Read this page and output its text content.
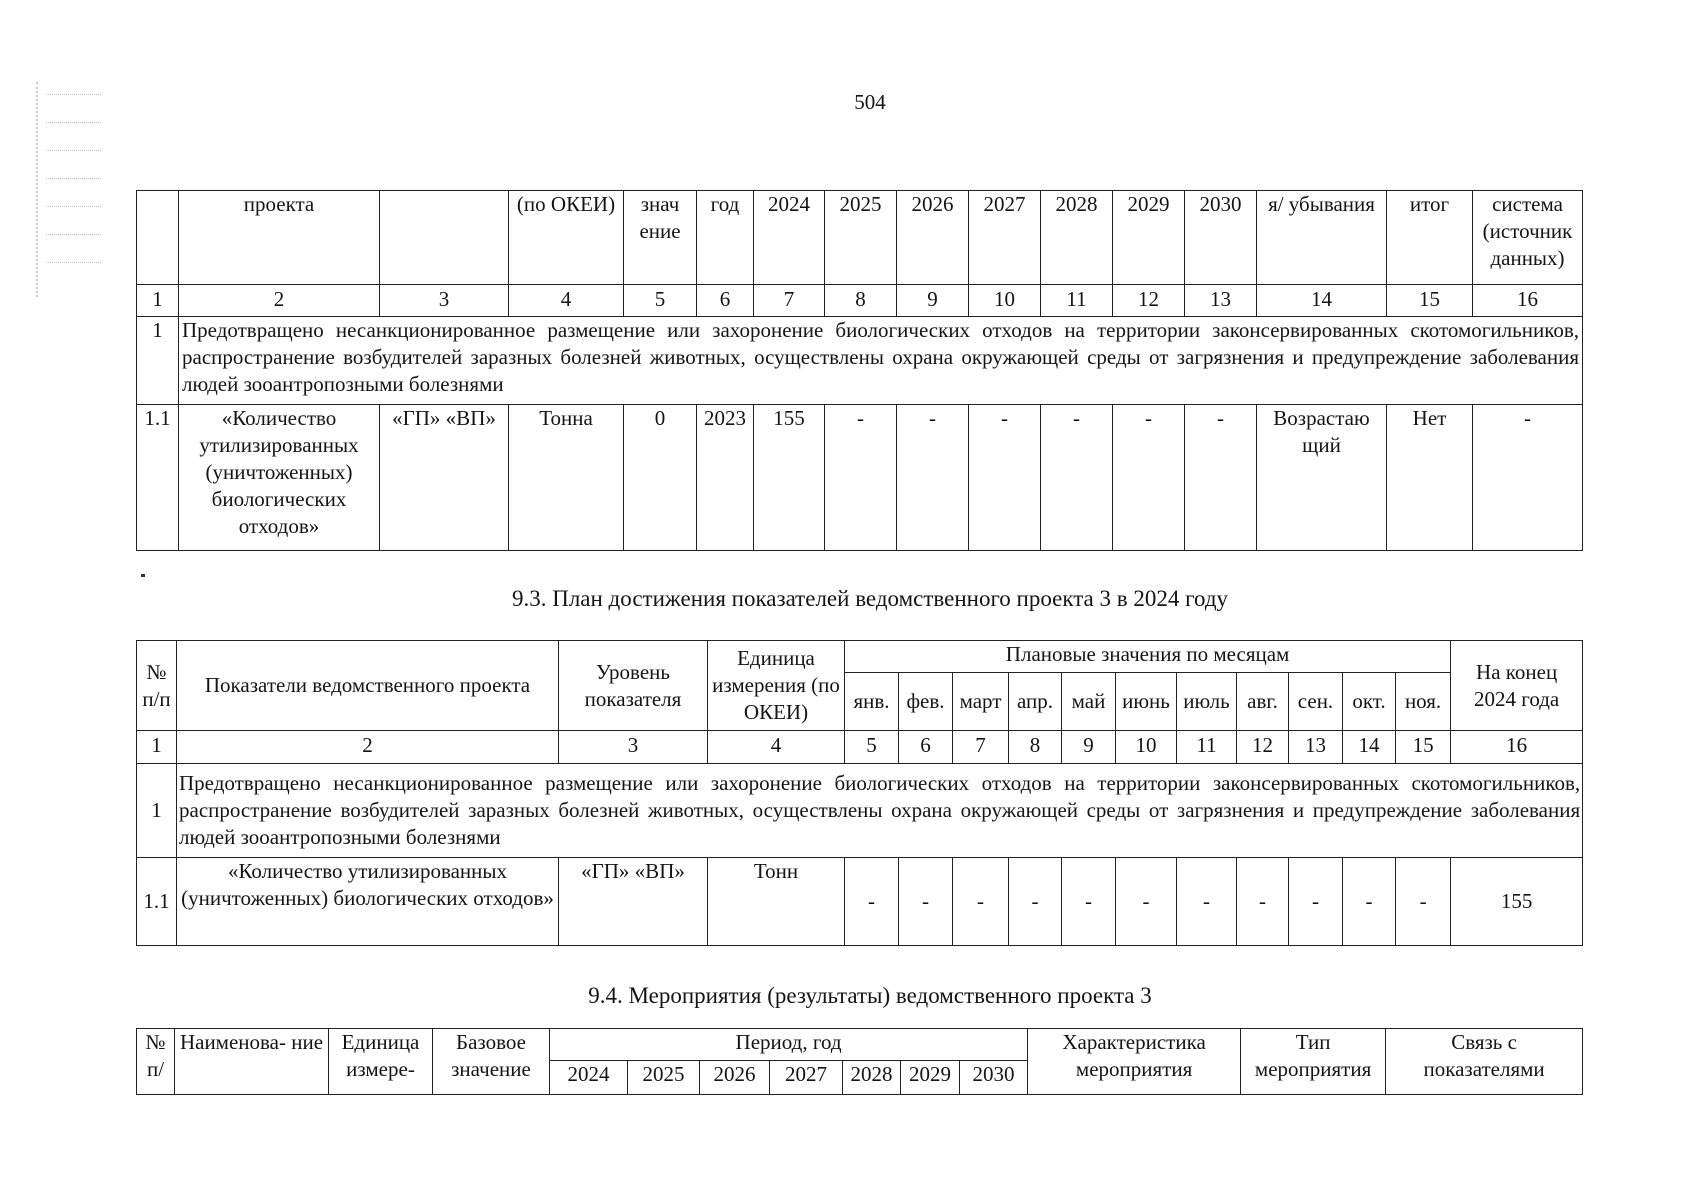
504
	проекта		(по ОКЕИ)	знач ение	год	2024	2025	2026	2027	2028	2029	2030	я/ убывания	итог	система (источник данных)
1	2	3	4	5	6	7	8	9	10	11	12	13	14	15	16
1	Предотвращено несанкционированное размещение или захоронение биологических отходов на территории законсервированных скотомогильников, распространение возбудителей заразных болезней животных, осуществлены охрана окружающей среды от загрязнения и предупреждение заболевания людей зооантропозными болезнями														
1.1	«Количество утилизированных (уничтоженных) биологических отходов»	«ГП» «ВП»	Тонна	0	2023	155	-	-	-	-	-	-	Возрастаю щий	Нет	-
9.3. План достижения показателей ведомственного проекта 3 в 2024 году
№ п/п	Показатели ведомственного проекта	Уровень показателя	Единица измерения (по ОКЕИ)	Плановые значения по месяцам											На конец 2024 года
				янв.	фев.	март	апр.	май	июнь	июль	авг.	сен.	окт.	ноя.	
1	2	3	4	5	6	7	8	9	10	11	12	13	14	15	16
1	Предотвращено несанкционированное размещение или захоронение биологических отходов на территории законсервированных скотомогильников, распространение возбудителей заразных болезней животных, осуществлены охрана окружающей среды от загрязнения и предупреждение заболевания людей зооантропозными болезнями														
1.1	«Количество утилизированных (уничтоженных) биологических отходов»	«ГП» «ВП»	Тонн	-	-	-	-	-	-	-	-	-	-	-	155
9.4. Мероприятия (результаты) ведомственного проекта 3
№ п/	Наименова- ние	Единица измере-	Базовое значение	Период, год							Характеристика мероприятия	Тип мероприятия	Связь с показателями
				2024	2025	2026	2027	2028	2029	2030			
